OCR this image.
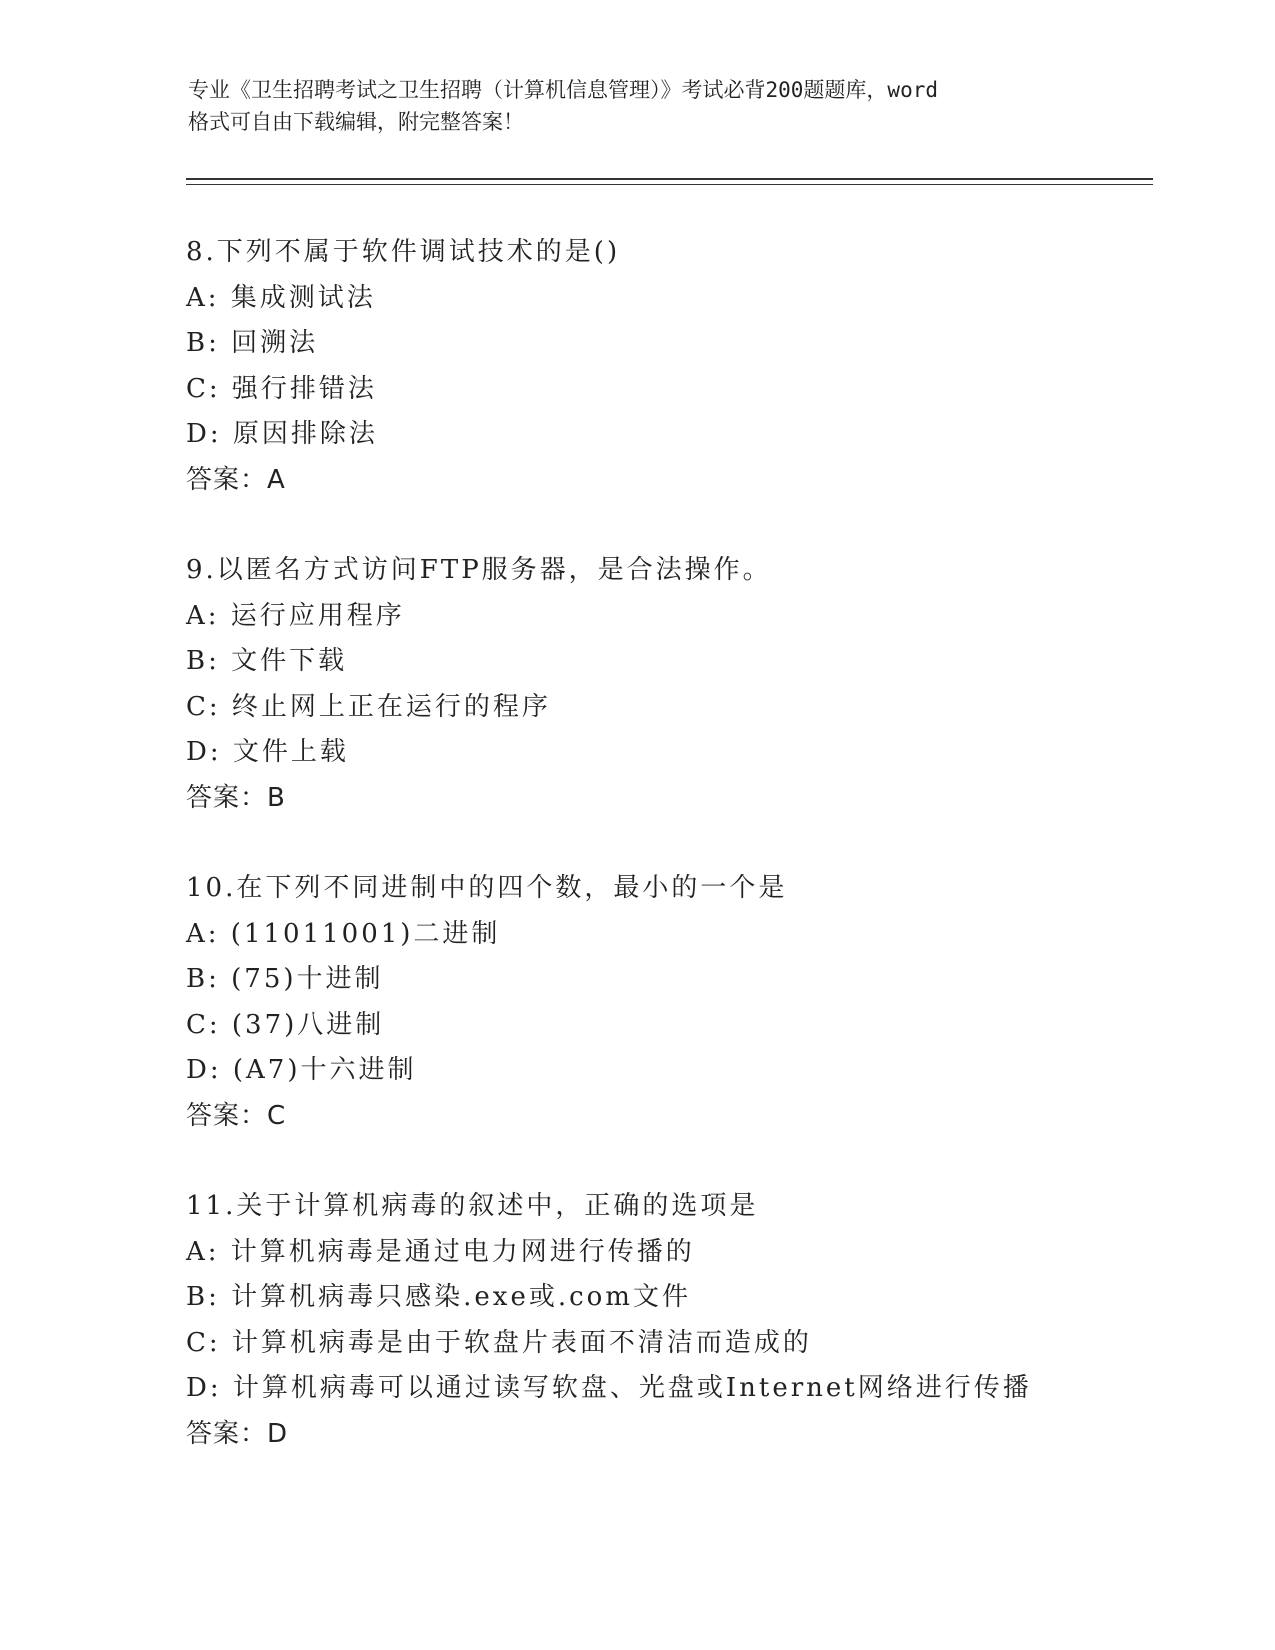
专业《卫生招聘考试之卫生招聘（计算机信息管理）》考试必背200题题库，word
格式可自由下载编辑，附完整答案！
8.下列不属于软件调试技术的是()
A: 集成测试法
B: 回溯法
C: 强行排错法
D: 原因排除法
答案：A
9.以匿名方式访问FTP服务器，是合法操作。
A: 运行应用程序
B: 文件下载
C: 终止网上正在运行的程序
D: 文件上载
答案：B
10.在下列不同进制中的四个数，最小的一个是
A: (11011001)二进制
B: (75)十进制
C: (37)八进制
D: (A7)十六进制
答案：C
11.关于计算机病毒的叙述中，正确的选项是
A: 计算机病毒是通过电力网进行传播的
B: 计算机病毒只感染.exe或.com文件
C: 计算机病毒是由于软盘片表面不清洁而造成的
D: 计算机病毒可以通过读写软盘、光盘或Internet网络进行传播
答案：D
